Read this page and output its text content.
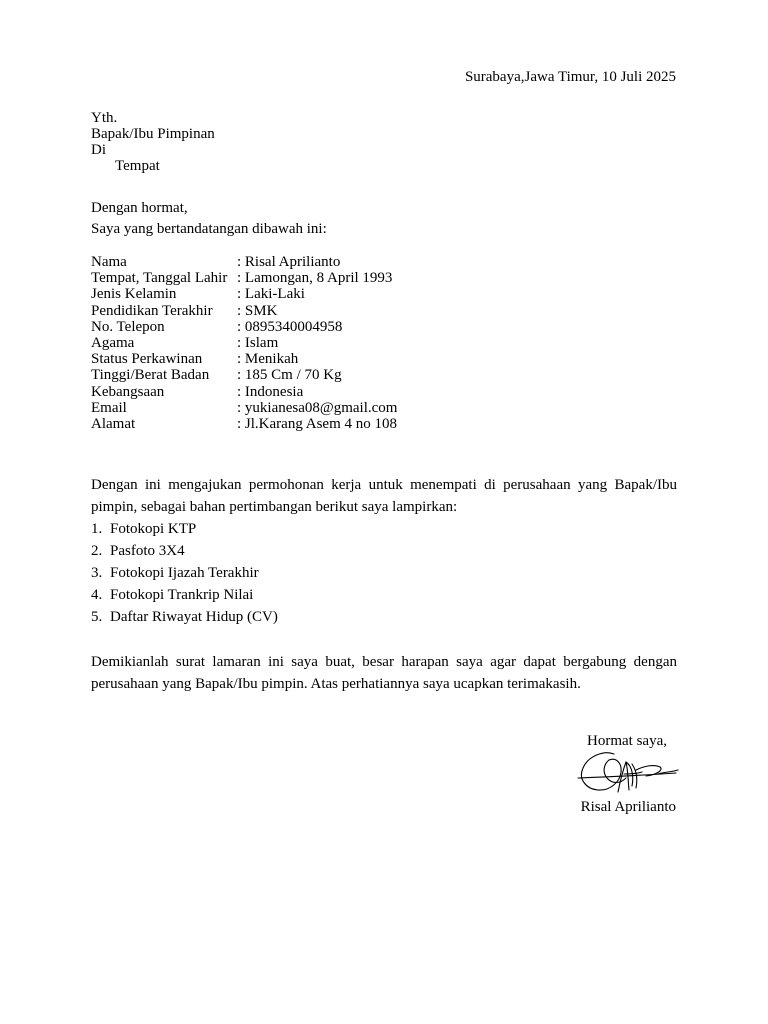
Surabaya,Jawa Timur, 10 Juli 2025
Yth.
Bapak/Ibu Pimpinan
Di
Tempat
Dengan hormat,
Saya yang bertandatangan dibawah ini:
Nama	: Risal Aprilianto
Tempat, Tanggal Lahir : Lamongan, 8 April 1993
Jenis Kelamin	: Laki-Laki
Pendidikan Terakhir : SMK
No. Telepon	: 0895340004958
Agama	: Islam
Status Perkawinan : Menikah
Tinggi/Berat Badan : 185 Cm / 70 Kg
Kebangsaan	: Indonesia
Email	: yukianesa08@gmail.com
Alamat	: Jl.Karang Asem 4 no 108
Dengan ini mengajukan permohonan kerja untuk menempati di perusahaan yang Bapak/Ibu pimpin, sebagai bahan pertimbangan berikut saya lampirkan:
1. Fotokopi KTP
2. Pasfoto 3X4
3. Fotokopi Ijazah Terakhir
4. Fotokopi Trankrip Nilai
5. Daftar Riwayat Hidup (CV)
Demikianlah surat lamaran ini saya buat, besar harapan saya agar dapat bergabung dengan perusahaan yang Bapak/Ibu pimpin. Atas perhatiannya saya ucapkan terimakasih.
Hormat saya,
Risal Aprilianto
